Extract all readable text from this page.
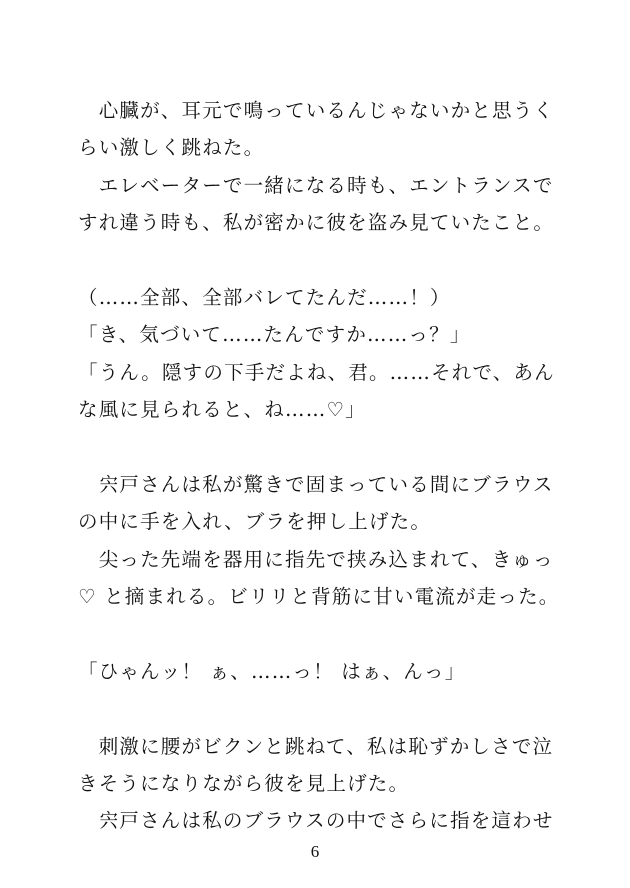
　心臓が、耳元で鳴っているんじゃないかと思うく
らい激しく跳ねた。
　エレベーターで一緒になる時も、エントランスで
すれ違う時も、私が密かに彼を盗み見ていたこと。
（……全部、全部バレてたんだ……！）
「き、気づいて……たんですか……っ？」
「うん。隠すの下手だよね、君。……それで、あん
な風に見られると、ね……♡」
　宍戸さんは私が驚きで固まっている間にブラウス
の中に手を入れ、ブラを押し上げた。
　尖った先端を器用に指先で挟み込まれて、きゅっ
♡ と摘まれる。ビリリと背筋に甘い電流が走った。
「ひゃんッ！ ぁ、……っ！ はぁ、んっ」
　刺激に腰がビクンと跳ねて、私は恥ずかしさで泣
きそうになりながら彼を見上げた。
　宍戸さんは私のブラウスの中でさらに指を這わせ
6
